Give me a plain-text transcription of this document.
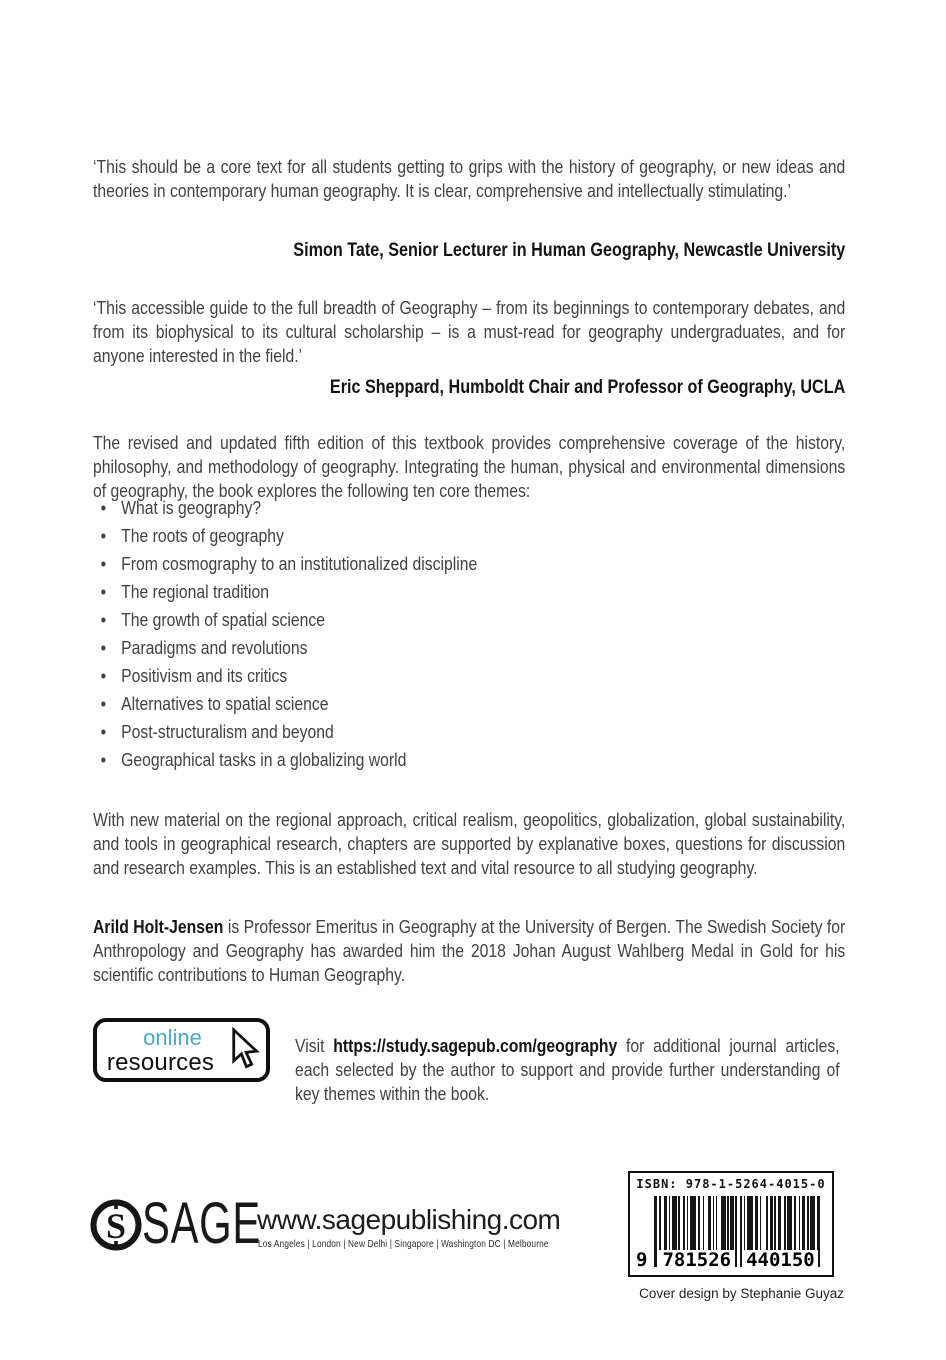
‘This should be a core text for all students getting to grips with the history of geography, or new ideas and theories in contemporary human geography. It is clear, comprehensive and intellectually stimulating.’

Simon Tate, Senior Lecturer in Human Geography, Newcastle University

‘This accessible guide to the full breadth of Geography – from its beginnings to contemporary debates, and from its biophysical to its cultural scholarship – is a must-read for geography undergraduates, and for anyone interested in the field.’

Eric Sheppard, Humboldt Chair and Professor of Geography, UCLA

The revised and updated fifth edition of this textbook provides comprehensive coverage of the history, philosophy, and methodology of geography. Integrating the human, physical and environmental dimensions of geography, the book explores the following ten core themes:

• What is geography?
• The roots of geography
• From cosmography to an institutionalized discipline
• The regional tradition
• The growth of spatial science
• Paradigms and revolutions
• Positivism and its critics
• Alternatives to spatial science
• Post-structuralism and beyond
• Geographical tasks in a globalizing world

With new material on the regional approach, critical realism, geopolitics, globalization, global sustainability, and tools in geographical research, chapters are supported by explanative boxes, questions for discussion and research examples. This is an established text and vital resource to all studying geography.

Arild Holt-Jensen is Professor Emeritus in Geography at the University of Bergen. The Swedish Society for Anthropology and Geography has awarded him the 2018 Johan August Wahlberg Medal in Gold for his scientific contributions to Human Geography.

online
resources

Visit https://study.sagepub.com/geography for additional journal articles, each selected by the author to support and provide further understanding of key themes within the book.

S SAGE
www.sagepublishing.com
Los Angeles | London | New Delhi | Singapore | Washington DC | Melbourne
ISBN: 978-1-5264-4015-0
9 781526 440150
Cover design by Stephanie Guyaz
